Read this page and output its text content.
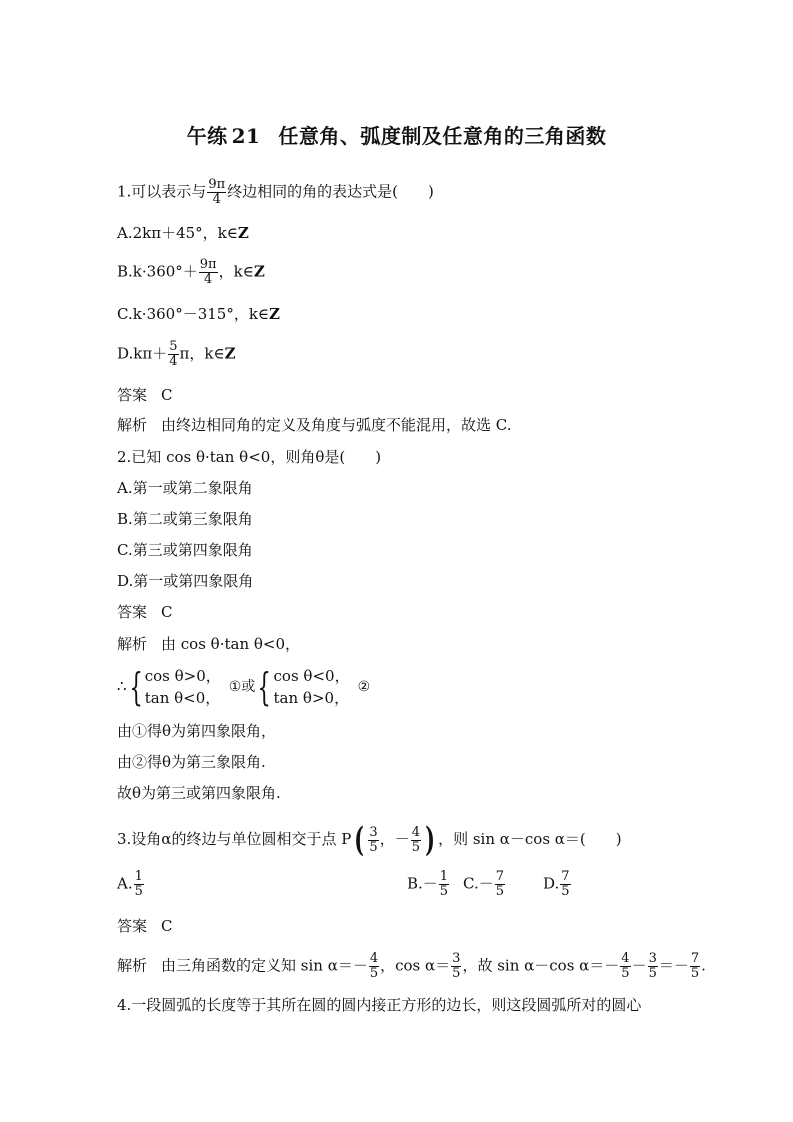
午练 21 任意角、弧度制及任意角的三角函数
1.可以表示与 $\frac{9\pi}{4}$ 终边相同的角的表达式是( )
A.2kπ＋45°，k∈Z
$B.k\cdot 360^\circ+ \frac{9\pi}{4}$ ，k∈Z
C.k·360°－315°，k∈Z
$D.k\pi+ \frac{5}{4}$ π，k∈Z
答案 C
解析 由终边相同角的定义及角度与弧度不能混用，故选 C.
2.已知 cos θ·tan θ<0，则角θ是( )
A.第一或第二象限角
B.第二或第三象限角
C.第三或第四象限角
D.第一或第四象限角
答案 C
解析 由 cos θ·tan θ<0，
∴{ cos θ>0，
tan θ<0，
①或{ cos θ<0，
tan θ>0，
②
由①得θ为第四象限角，
由②得θ为第三象限角.
故θ为第三或第四象限角.
3.设角α的终边与单位圆相交于点 $P( \frac{3}{5}$ ，－ $\frac{4}{5}$ ) ，则 sin α－cos α＝( )
A. $\frac{1}{5}$	$B.- \frac{1}{5} C.- \frac{7}{5}$	D. $\frac{7}{5}$
答案 C
解析 由三角函数的定义知 $\sin \alpha=- \frac{4}{5}$ ，$\cos \alpha= \frac{3}{5}$ ，故 sin α－cos $\alpha=- \frac{4}{5} - \frac{3}{5} =- \frac{7}{5}$ .
4.一段圆弧的长度等于其所在圆的圆内接正方形的边长，则这段圆弧所对的圆心
